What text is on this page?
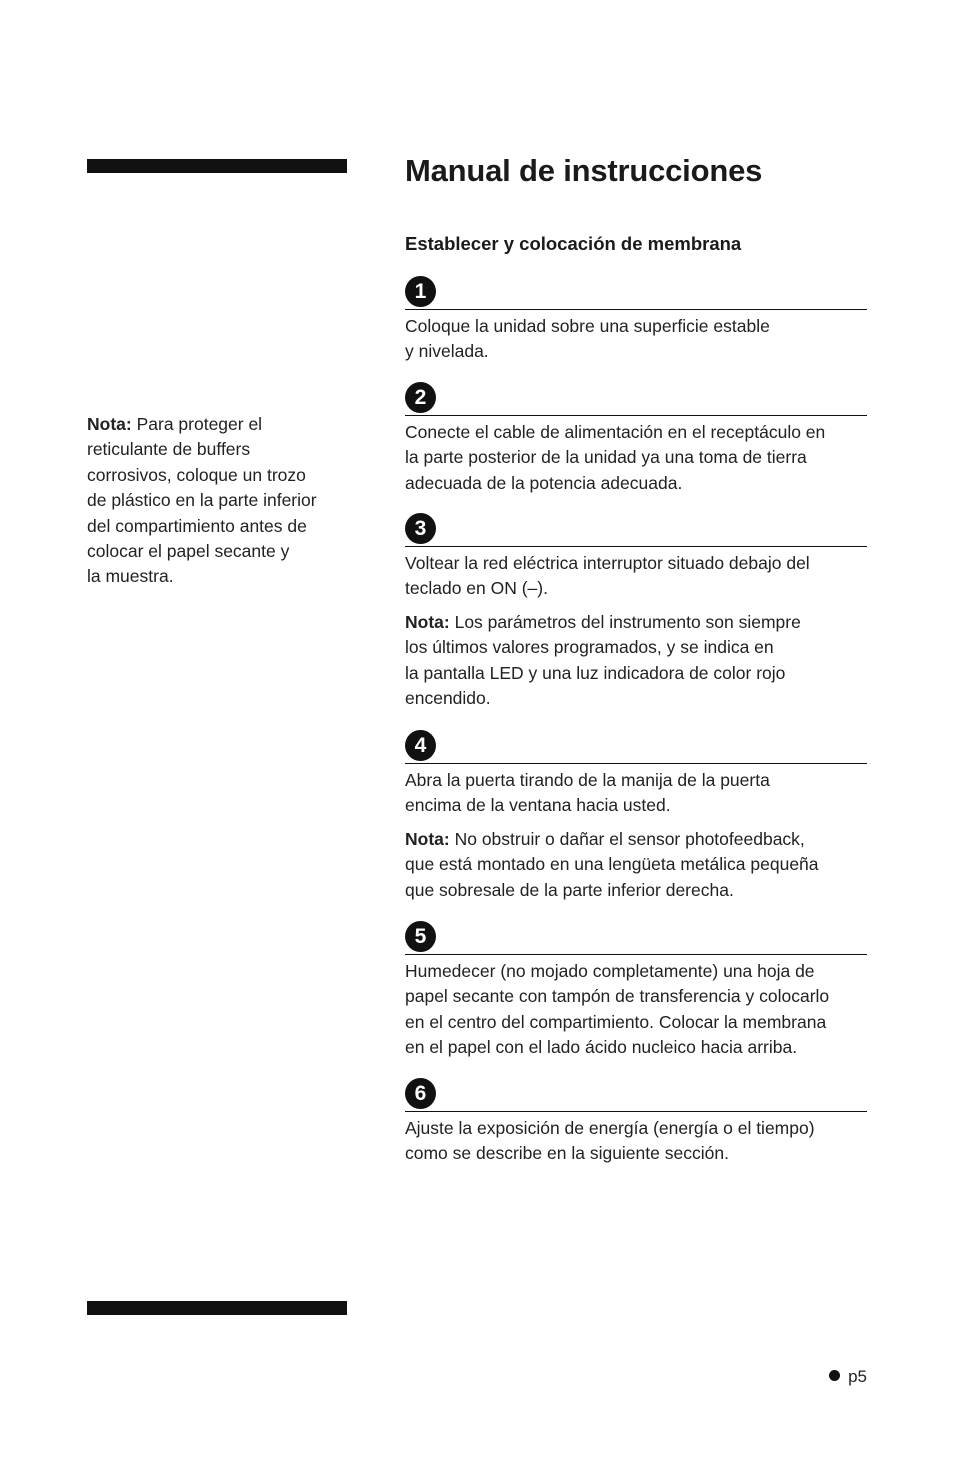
Nota: Para proteger el
reticulante de buffers
corrosivos, coloque un trozo
de plástico en la parte inferior
del compartimiento antes de
colocar el papel secante y
la muestra.
Manual de instrucciones
Establecer y colocación de membrana
1

Coloque la unidad sobre una superficie estable
y nivelada.

2

Conecte el cable de alimentación en el receptáculo en
la parte posterior de la unidad ya una toma de tierra
adecuada de la potencia adecuada.

3

Voltear la red eléctrica interruptor situado debajo del
teclado en ON (–).

Nota: Los parámetros del instrumento son siempre
los últimos valores programados, y se indica en
la pantalla LED y una luz indicadora de color rojo
encendido.

4

Abra la puerta tirando de la manija de la puerta
encima de la ventana hacia usted.

Nota: No obstruir o dañar el sensor photofeedback,
que está montado en una lengüeta metálica pequeña
que sobresale de la parte inferior derecha.

5

Humedecer (no mojado completamente) una hoja de
papel secante con tampón de transferencia y colocarlo
en el centro del compartimiento. Colocar la membrana
en el papel con el lado ácido nucleico hacia arriba.

6

Ajuste la exposición de energía (energía o el tiempo)
como se describe en la siguiente sección.

p5
